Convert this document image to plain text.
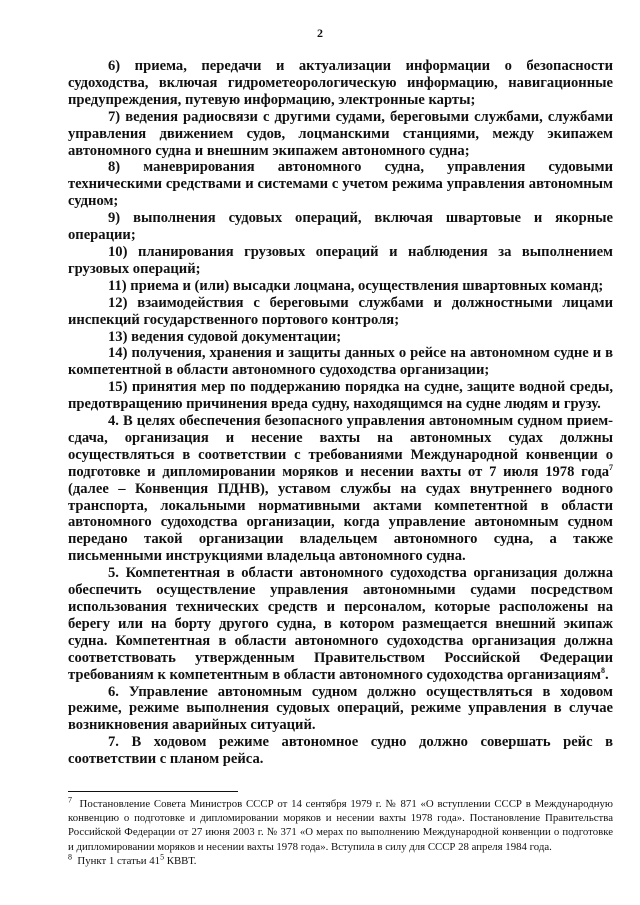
2

6) приема, передачи и актуализации информации о безопасности судоходства, включая гидрометеорологическую информацию, навигационные предупреждения, путевую информацию, электронные карты;

7) ведения радиосвязи с другими судами, береговыми службами, службами управления движением судов, лоцманскими станциями, между экипажем автономного судна и внешним экипажем автономного судна;

8) маневрирования автономного судна, управления судовыми техническими средствами и системами с учетом режима управления автономным судном;

9) выполнения судовых операций, включая швартовые и якорные операции;

10) планирования грузовых операций и наблюдения за выполнением грузовых операций;

11) приема и (или) высадки лоцмана, осуществления швартовных команд;

12) взаимодействия с береговыми службами и должностными лицами инспекций государственного портового контроля;

13) ведения судовой документации;

14) получения, хранения и защиты данных о рейсе на автономном судне и в компетентной в области автономного судоходства организации;

15) принятия мер по поддержанию порядка на судне, защите водной среды, предотвращению причинения вреда судну, находящимся на судне людям и грузу.

4. В целях обеспечения безопасного управления автономным судном прием-сдача, организация и несение вахты на автономных судах должны осуществляться в соответствии с требованиями Международной конвенции о подготовке и дипломировании моряков и несении вахты от 7 июля 1978 года$^7$ (далее – Конвенция ПДНВ), уставом службы на судах внутреннего водного транспорта, локальными нормативными актами компетентной в области автономного судоходства организации, когда управление автономным судном передано такой организации владельцем автономного судна, а также письменными инструкциями владельца автономного судна.

5. Компетентная в области автономного судоходства организация должна обеспечить осуществление управления автономными судами посредством использования технических средств и персоналом, которые расположены на берегу или на борту другого судна, в котором размещается внешний экипаж судна. Компетентная в области автономного судоходства организация должна соответствовать утвержденным Правительством Российской Федерации требованиям к компетентным в области автономного судоходства организациям$^8$.

6. Управление автономным судном должно осуществляться в ходовом режиме, режиме выполнения судовых операций, режиме управления в случае возникновения аварийных ситуаций.

7. В ходовом режиме автономное судно должно совершать рейс в соответствии с планом рейса.

$^7$ Постановление Совета Министров СССР от 14 сентября 1979 г. № 871 «О вступлении СССР в Международную конвенцию о подготовке и дипломировании моряков и несении вахты 1978 года». Постановление Правительства Российской Федерации от 27 июня 2003 г. № 371 «О мерах по выполнению Международной конвенции о подготовке и дипломировании моряков и несении вахты 1978 года». Вступила в силу для СССР 28 апреля 1984 года.

$^8$ Пункт 1 статьи $41^5$ КВВТ.
